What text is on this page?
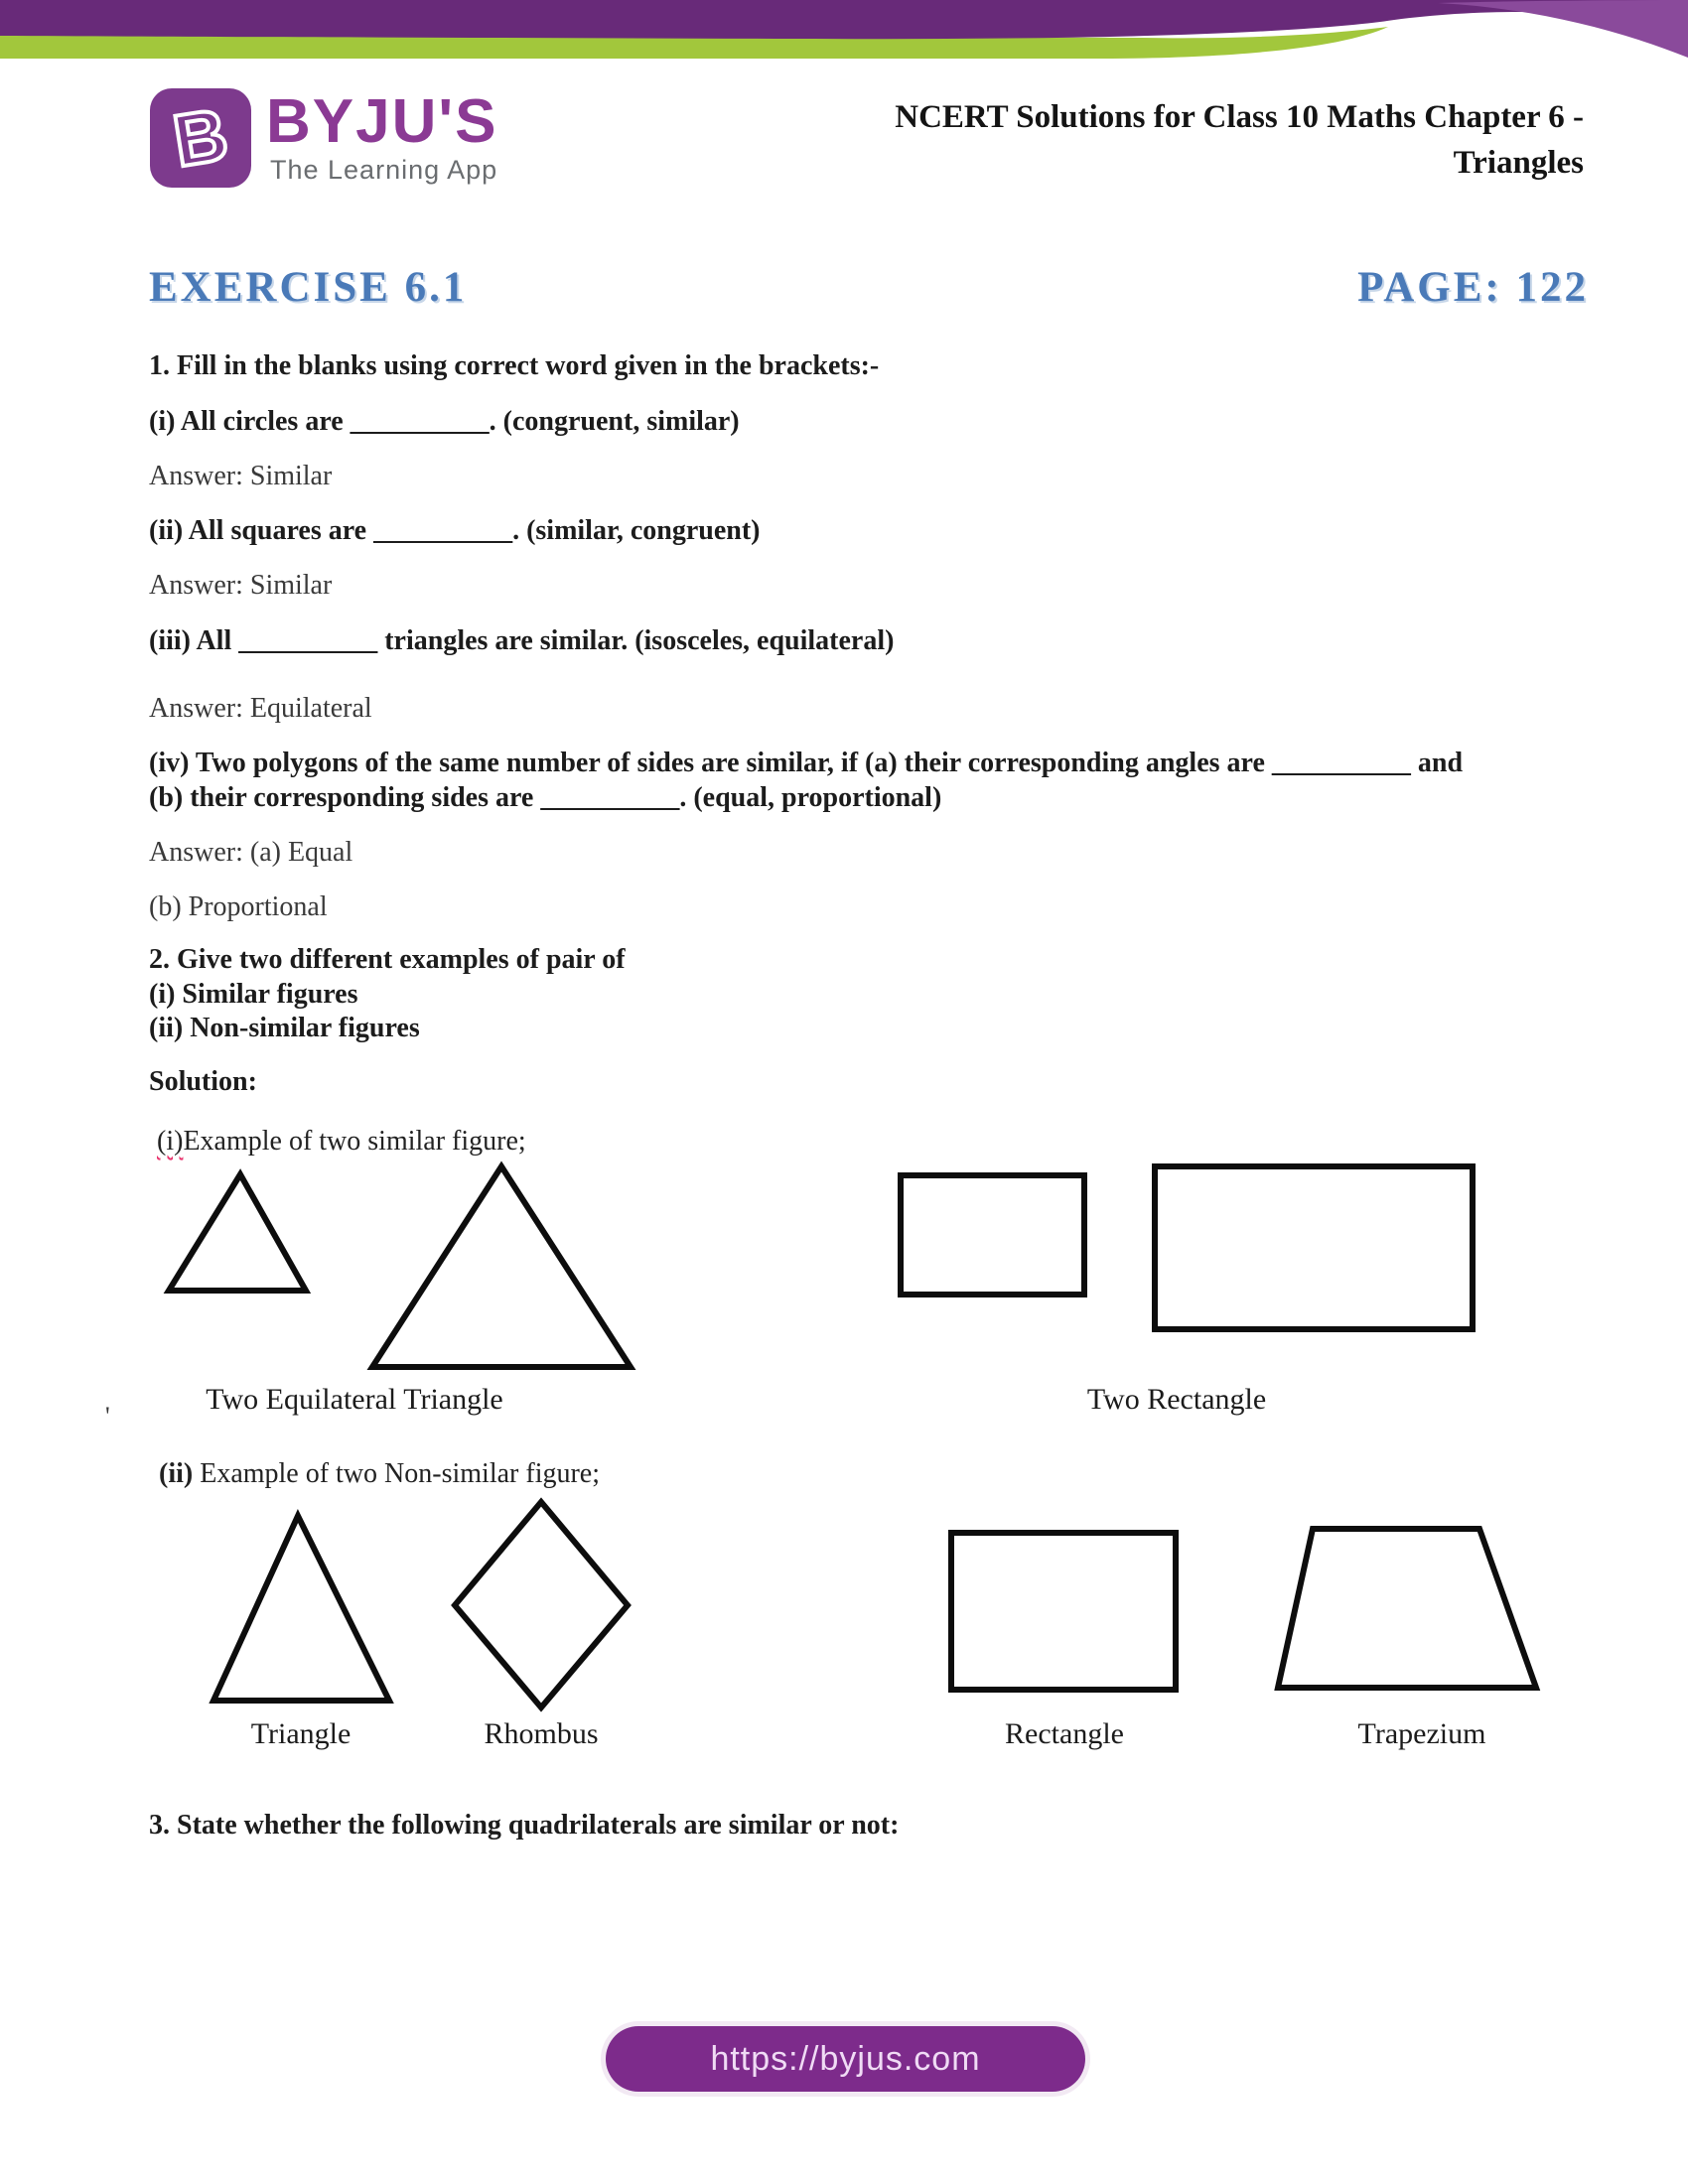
B BYJU'S
The Learning App
NCERT Solutions for Class 10 Maths Chapter 6 -
Triangles
EXERCISE 6.1	PAGE: 122
1. Fill in the blanks using correct word given in the brackets:-
(i) All circles are __________. (congruent, similar)
Answer: Similar
(ii) All squares are __________. (similar, congruent)
Answer: Similar
(iii) All __________ triangles are similar. (isosceles, equilateral)
Answer: Equilateral
(iv) Two polygons of the same number of sides are similar, if (a) their corresponding angles are __________ and
(b) their corresponding sides are __________. (equal, proportional)
Answer: (a) Equal
(b) Proportional
2. Give two different examples of pair of
(i) Similar figures
(ii) Non-similar figures
Solution:
(i)Example of two similar figure;
Two Equilateral Triangle	Two Rectangle
'
(ii) Example of two Non-similar figure;
Triangle	Rhombus	Rectangle	Trapezium
3. State whether the following quadrilaterals are similar or not:
https://byjus.com
